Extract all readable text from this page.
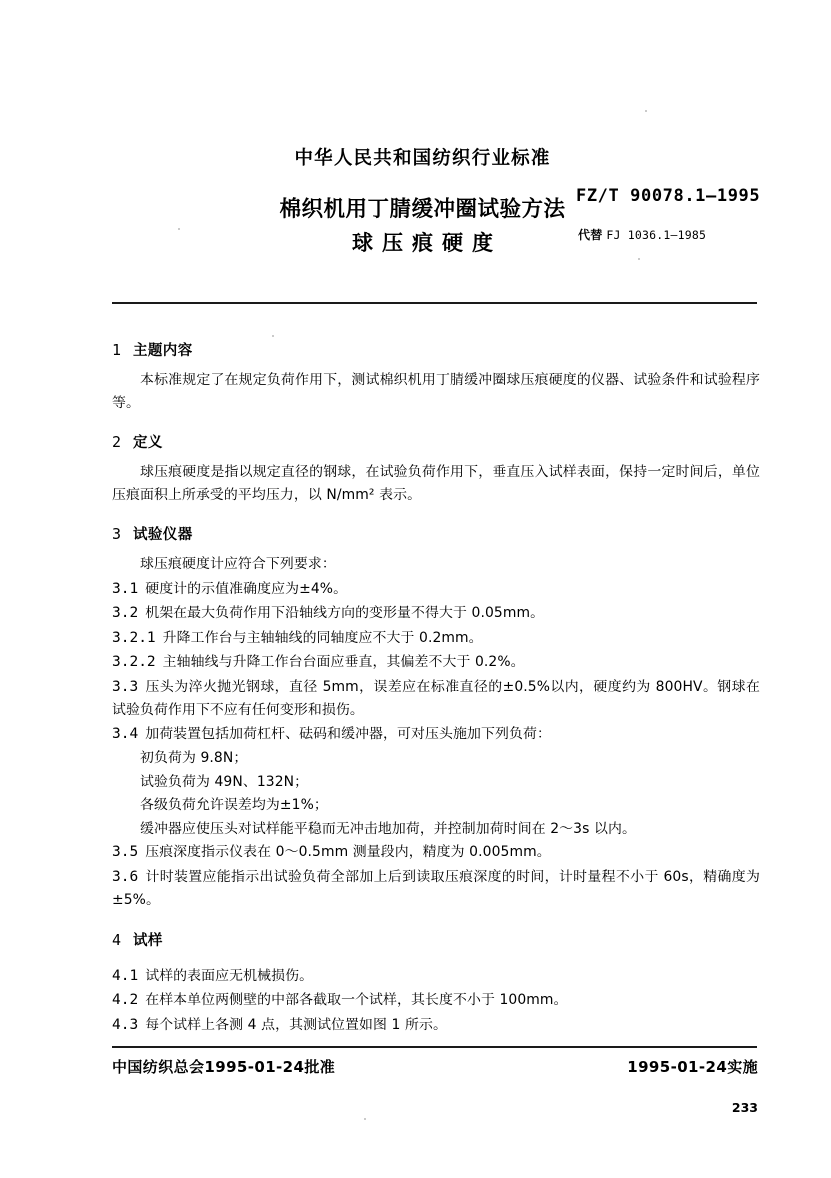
中华人民共和国纺织行业标准
FZ/T 90078.1—1995
代替 FJ 1036.1—1985
棉织机用丁腈缓冲圈试验方法
球压痕硬度
1 主题内容

本标准规定了在规定负荷作用下，测试棉织机用丁腈缓冲圈球压痕硬度的仪器、试验条件和试验程序等。

2 定义

球压痕硬度是指以规定直径的钢球，在试验负荷作用下，垂直压入试样表面，保持一定时间后，单位压痕面积上所承受的平均压力，以 N/mm² 表示。

3 试验仪器

球压痕硬度计应符合下列要求：

3.1 硬度计的示值准确度应为±4%。

3.2 机架在最大负荷作用下沿轴线方向的变形量不得大于 0.05mm。

3.2.1 升降工作台与主轴轴线的同轴度应不大于 0.2mm。

3.2.2 主轴轴线与升降工作台台面应垂直，其偏差不大于 0.2%。

3.3 压头为淬火抛光钢球，直径 5mm，误差应在标准直径的±0.5%以内，硬度约为 800HV。钢球在试验负荷作用下不应有任何变形和损伤。

3.4 加荷装置包括加荷杠杆、砝码和缓冲器，可对压头施加下列负荷：

初负荷为 9.8N；

试验负荷为 49N、132N；

各级负荷允许误差均为±1%；

缓冲器应使压头对试样能平稳而无冲击地加荷，并控制加荷时间在 2～3s 以内。

3.5 压痕深度指示仪表在 0～0.5mm 测量段内，精度为 0.005mm。

3.6 计时装置应能指示出试验负荷全部加上后到读取压痕深度的时间，计时量程不小于 60s，精确度为±5%。

4 试样

4.1 试样的表面应无机械损伤。

4.2 在样本单位两侧壁的中部各截取一个试样，其长度不小于 100mm。

4.3 每个试样上各测 4 点，其测试位置如图 1 所示。

中国纺织总会1995-01-24批准	1995-01-24实施
233
